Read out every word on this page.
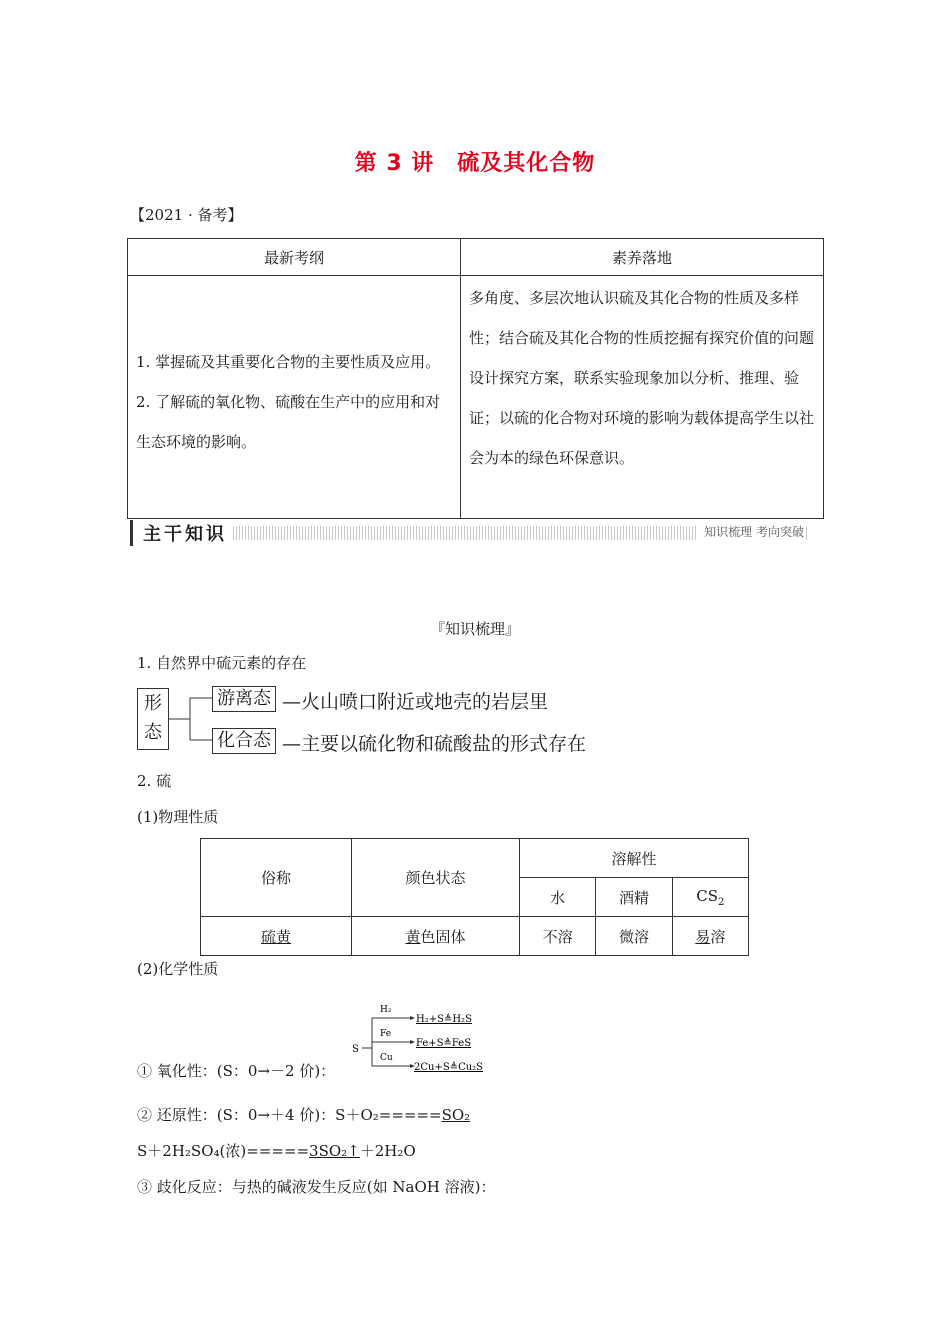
第 3 讲　硫及其化合物
【2021 · 备考】
最新考纲	素养落地

1. 掌握硫及其重要化合物的主要性质及应用。
2. 了解硫的氧化物、硫酸在生产中的应用和对生态环境的影响。	多角度、多层次地认识硫及其化合物的性质及多样性；结合硫及其化合物的性质挖掘有探究价值的问题设计探究方案，联系实验现象加以分析、推理、验证；以硫的化合物对环境的影响为载体提高学生以社会为本的绿色环保意识。
主干知识	知识梳理 考向突破
『知识梳理』
1. 自然界中硫元素的存在
形
态
游离态 —火山喷口附近或地壳的岩层里
化合态 —主要以硫化物和硫酸盐的形式存在
2. 硫
(1)物理性质
俗称	颜色状态	溶解性		
		水	酒精	$CS_2$
硫黄	黄色固体	不溶	微溶	易溶
(2)化学性质
S
H₂
Fe
Cu
H₂+S≜H₂S
Fe+S≜FeS
2Cu+S≜Cu₂S
① 氧化性：(S：0→－2 价)：
② 还原性：(S：0→＋4 价)：S＋O₂=====SO₂
S＋2H₂SO₄(浓)=====3SO₂↑＋2H₂O
③ 歧化反应：与热的碱液发生反应(如 NaOH 溶液)：
